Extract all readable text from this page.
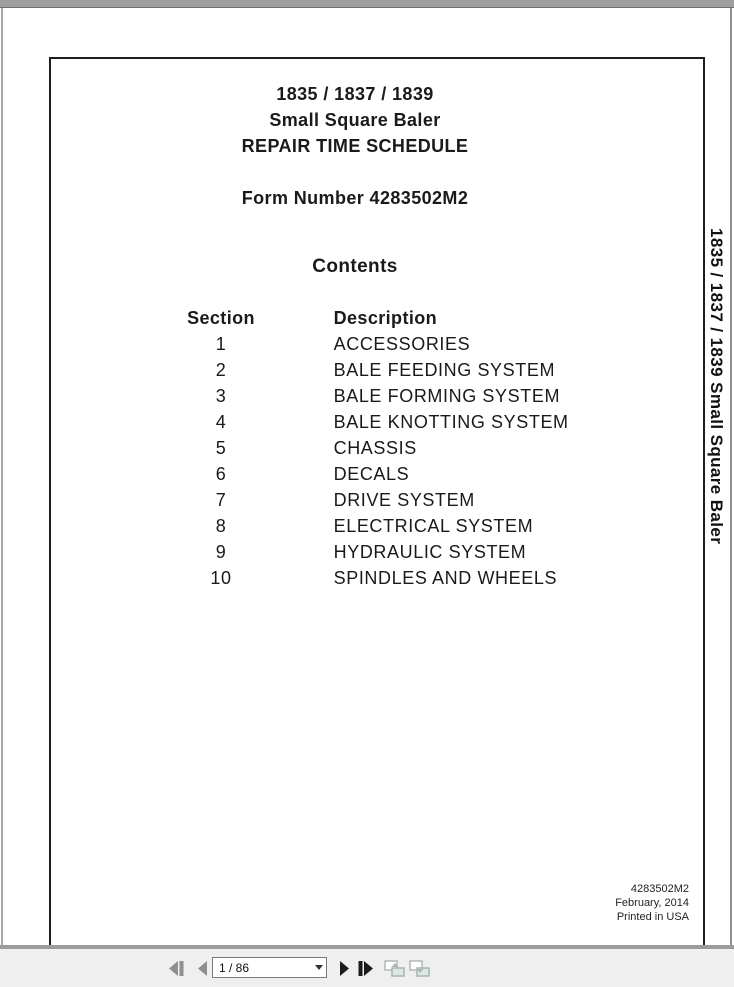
1835 / 1837 / 1839
Small Square Baler
REPAIR TIME SCHEDULE
Form Number 4283502M2
Contents
Section	Description
1	ACCESSORIES
2	BALE FEEDING SYSTEM
3	BALE FORMING SYSTEM
4	BALE KNOTTING SYSTEM
5	CHASSIS
6	DECALS
7	DRIVE SYSTEM
8	ELECTRICAL SYSTEM
9	HYDRAULIC SYSTEM
10	SPINDLES AND WHEELS
4283502M2
February, 2014
Printed in USA
1835 / 1837 / 1839 Small Square Baler
1 / 86
